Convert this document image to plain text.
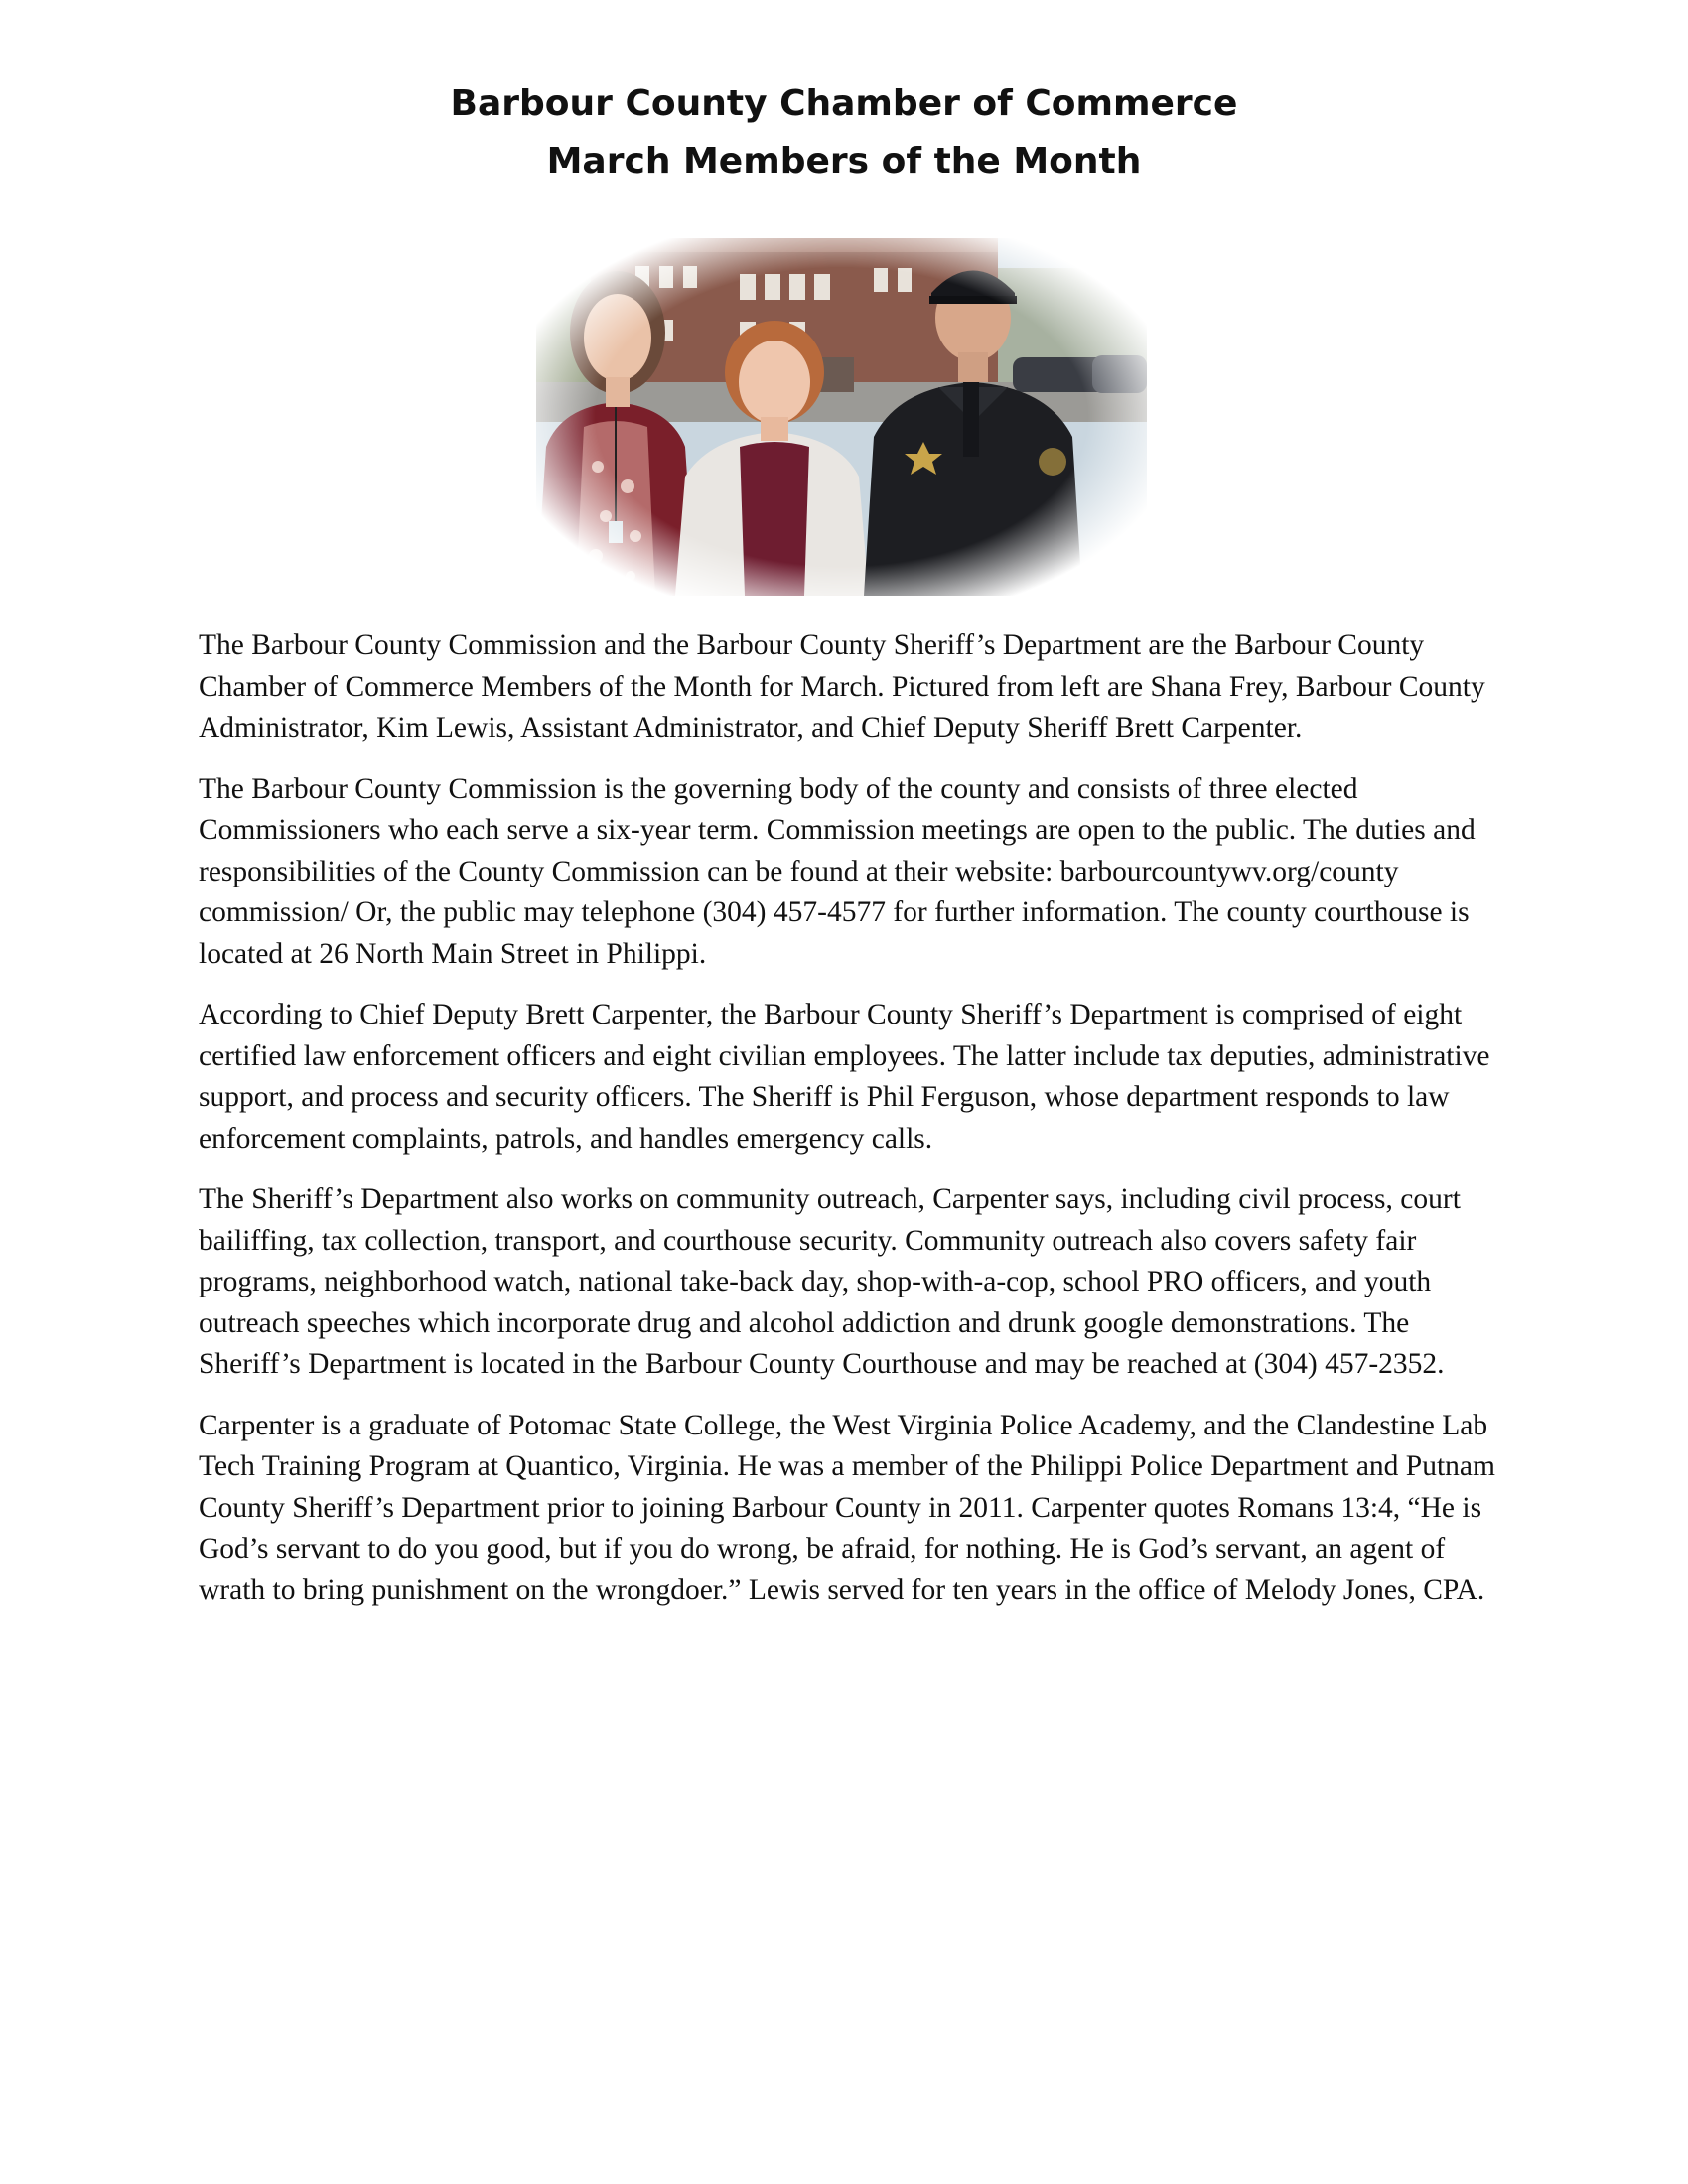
Barbour County Chamber of Commerce
March Members of the Month

The Barbour County Commission and the Barbour County Sheriff’s Department are the Barbour County Chamber of Commerce Members of the Month for March. Pictured from left are Shana Frey, Barbour County Administrator, Kim Lewis, Assistant Administrator, and Chief Deputy Sheriff Brett Carpenter.

The Barbour County Commission is the governing body of the county and consists of three elected Commissioners who each serve a six-year term. Commission meetings are open to the public. The duties and responsibilities of the County Commission can be found at their website: barbourcountywv.org/county commission/ Or, the public may telephone (304) 457-4577 for further information. The county courthouse is located at 26 North Main Street in Philippi.

According to Chief Deputy Brett Carpenter, the Barbour County Sheriff’s Department is comprised of eight certified law enforcement officers and eight civilian employees. The latter include tax deputies, administrative support, and process and security officers. The Sheriff is Phil Ferguson, whose department responds to law enforcement complaints, patrols, and handles emergency calls.

The Sheriff’s Department also works on community outreach, Carpenter says, including civil process, court bailiffing, tax collection, transport, and courthouse security. Community outreach also covers safety fair programs, neighborhood watch, national take-back day, shop-with-a-cop, school PRO officers, and youth outreach speeches which incorporate drug and alcohol addiction and drunk google demonstrations. The Sheriff’s Department is located in the Barbour County Courthouse and may be reached at (304) 457-2352.

Carpenter is a graduate of Potomac State College, the West Virginia Police Academy, and the Clandestine Lab Tech Training Program at Quantico, Virginia. He was a member of the Philippi Police Department and Putnam County Sheriff’s Department prior to joining Barbour County in 2011. Carpenter quotes Romans 13:4, “He is God’s servant to do you good, but if you do wrong, be afraid, for nothing. He is God’s servant, an agent of wrath to bring punishment on the wrongdoer.” Lewis served for ten years in the office of Melody Jones, CPA.
